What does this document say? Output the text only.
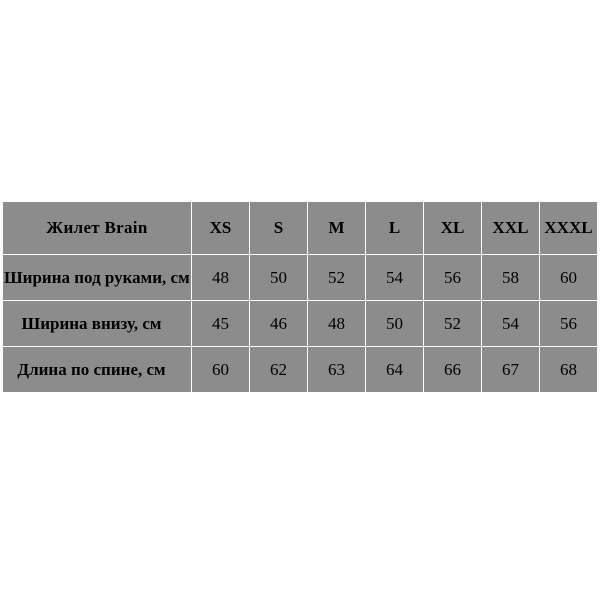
Жилет Brain	XS	S	M	L	XL	XXL	XXXL
Ширина под руками, см	48	50	52	54	56	58	60
Ширина внизу, см	45	46	48	50	52	54	56
Длина по спине, см	60	62	63	64	66	67	68
